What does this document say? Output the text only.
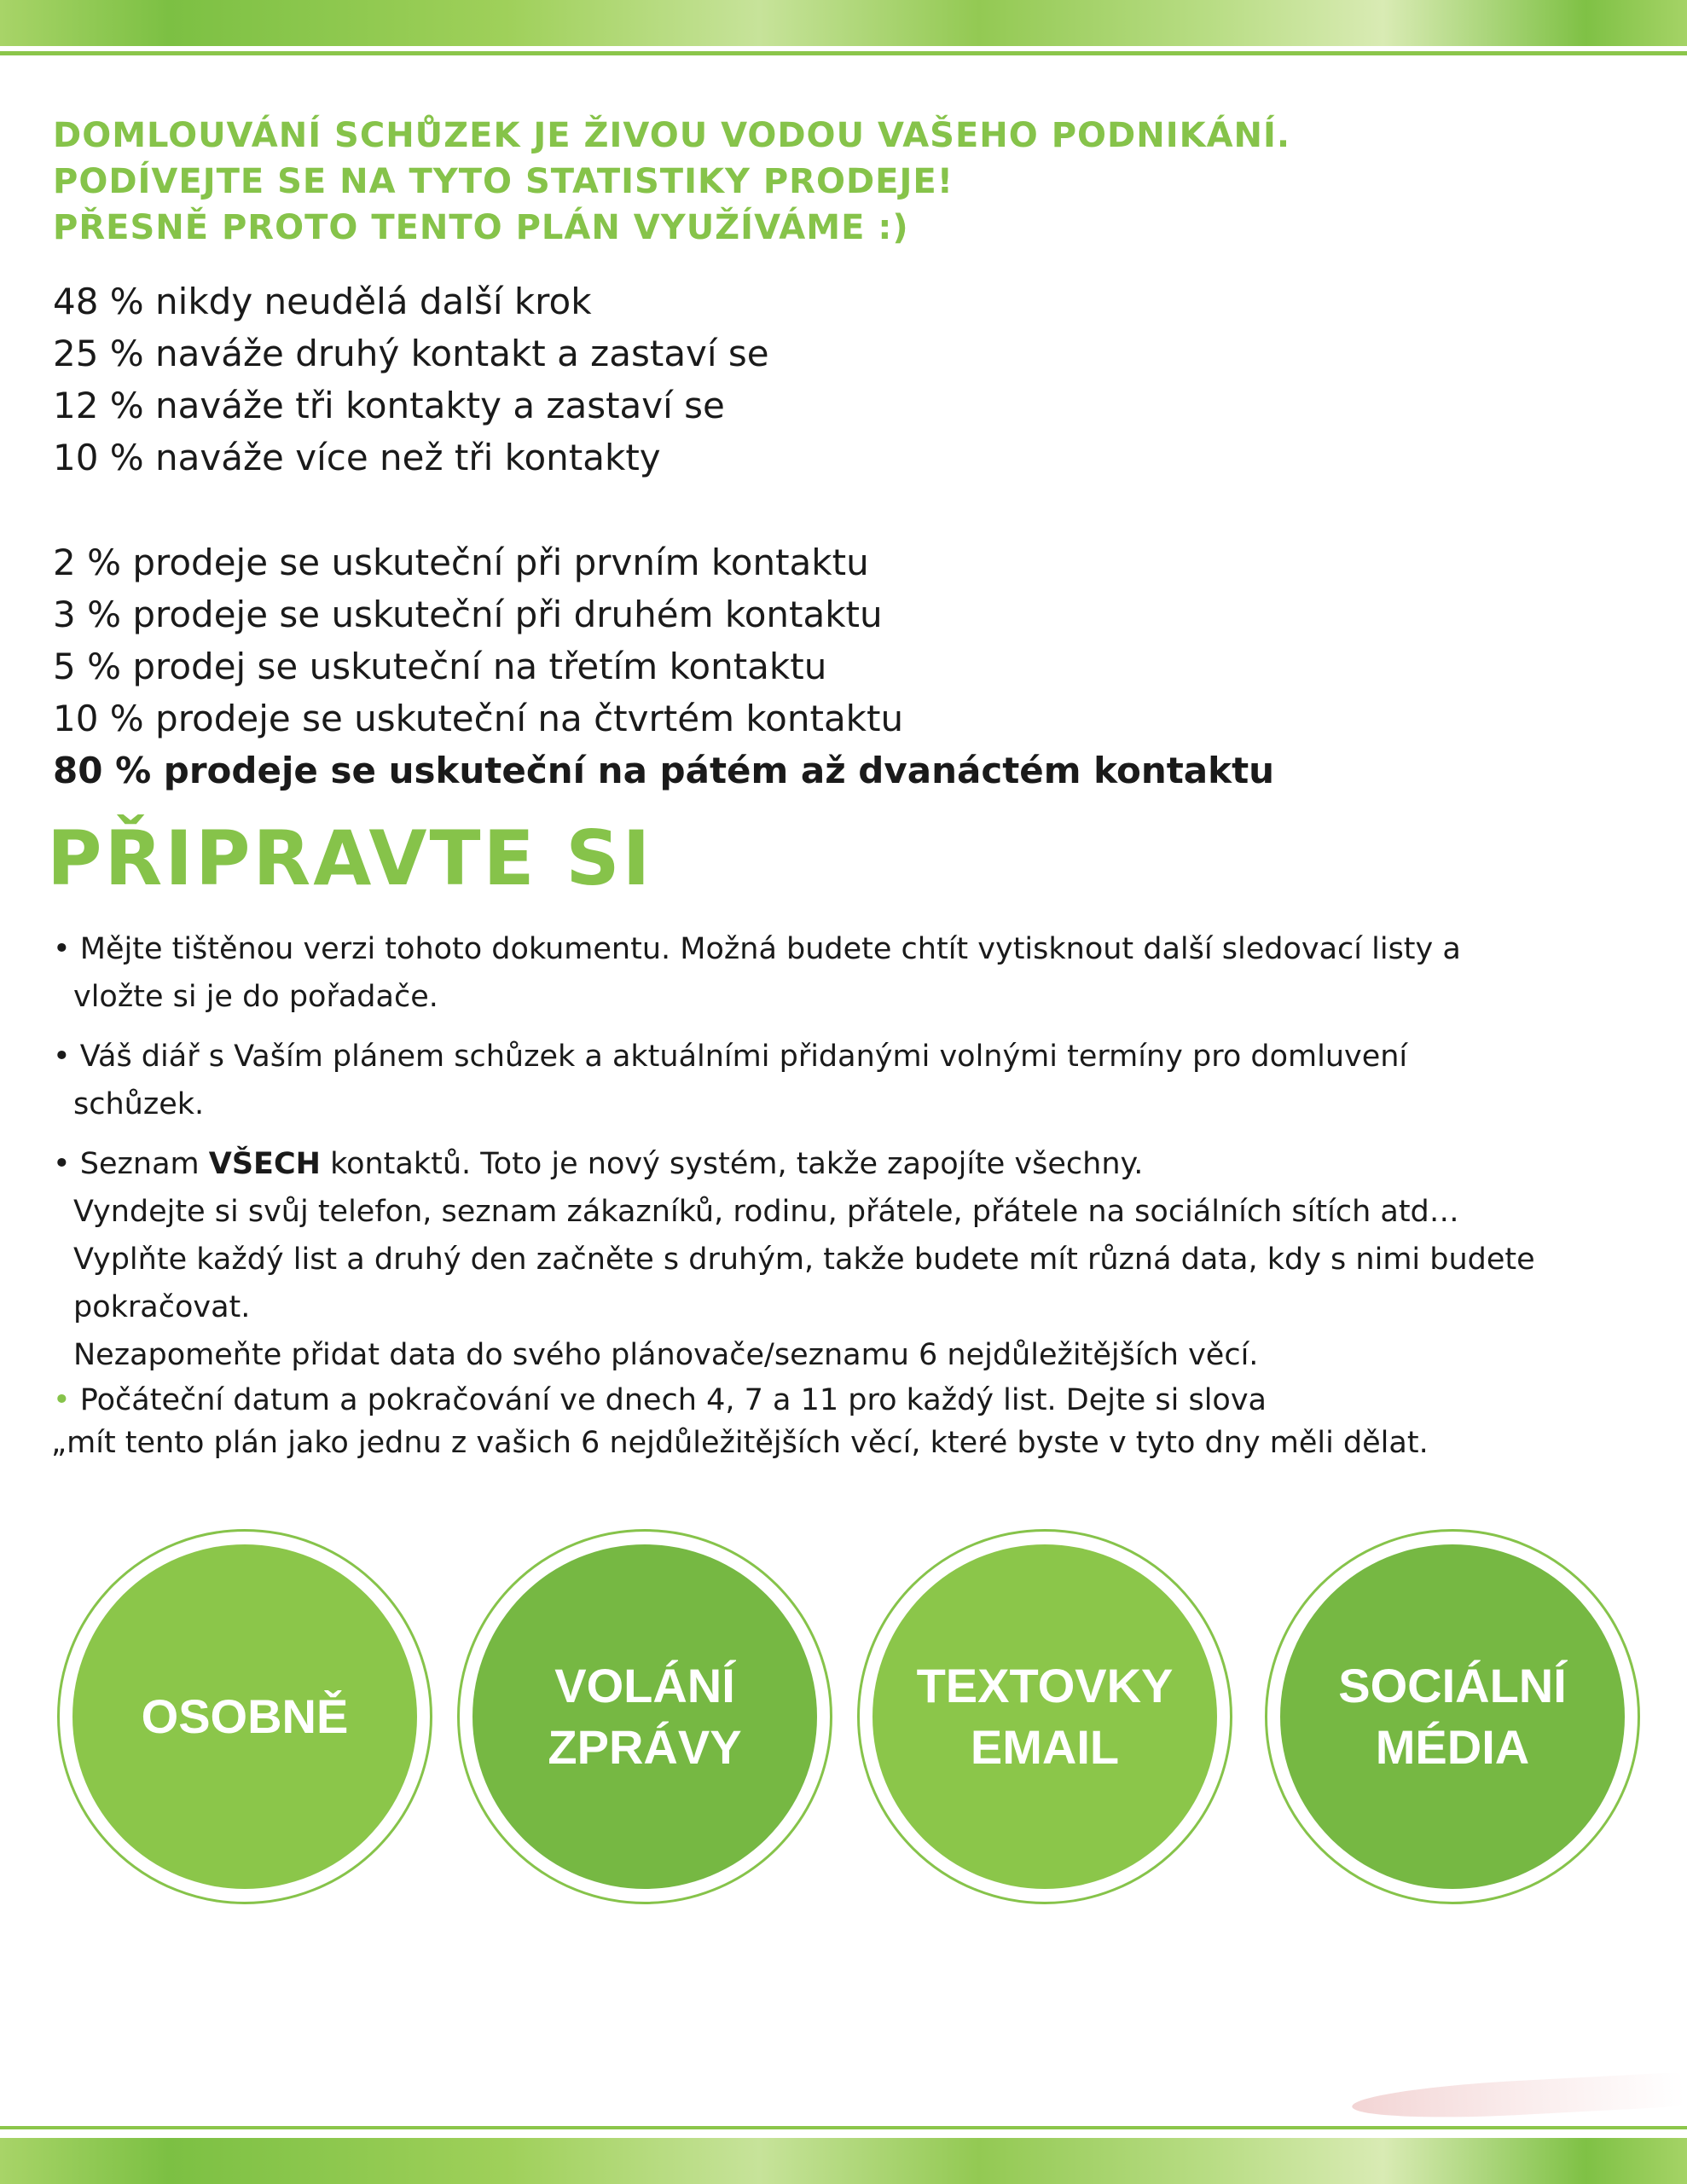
DOMLOUVÁNÍ SCHŮZEK JE ŽIVOU VODOU VAŠEHO PODNIKÁNÍ.
PODÍVEJTE SE NA TYTO STATISTIKY PRODEJE!
PŘESNĚ PROTO TENTO PLÁN VYUŽÍVÁME :)
48 % nikdy neudělá další krok
25 % naváže druhý kontakt a zastaví se
12 % naváže tři kontakty a zastaví se
10 % naváže více než tři kontakty
2 % prodeje se uskuteční při prvním kontaktu
3 % prodeje se uskuteční při druhém kontaktu
5 % prodej se uskuteční na třetím kontaktu
10 % prodeje se uskuteční na čtvrtém kontaktu
80 % prodeje se uskuteční na pátém až dvanáctém kontaktu
PŘIPRAVTE SI

• Mějte tištěnou verzi tohoto dokumentu. Možná budete chtít vytisknout další sledovací listy a

vložte si je do pořadače.

• Váš diář s Vaším plánem schůzek a aktuálními přidanými volnými termíny pro domluvení

schůzek.

• Seznam VŠECH kontaktů. Toto je nový systém, takže zapojíte všechny.

Vyndejte si svůj telefon, seznam zákazníků, rodinu, přátele, přátele na sociálních sítích atd…

Vyplňte každý list a druhý den začněte s druhým, takže budete mít různá data, kdy s nimi budete

pokračovat.

Nezapomeňte přidat data do svého plánovače/seznamu 6 nejdůležitějších věcí.

• Počáteční datum a pokračování ve dnech 4, 7 a 11 pro každý list. Dejte si slova

„mít tento plán jako jednu z vašich 6 nejdůležitějších věcí, které byste v tyto dny měli dělat.

OSOBNĚ
VOLÁNÍ
ZPRÁVY
TEXTOVKY
EMAIL
SOCIÁLNÍ
MÉDIA
